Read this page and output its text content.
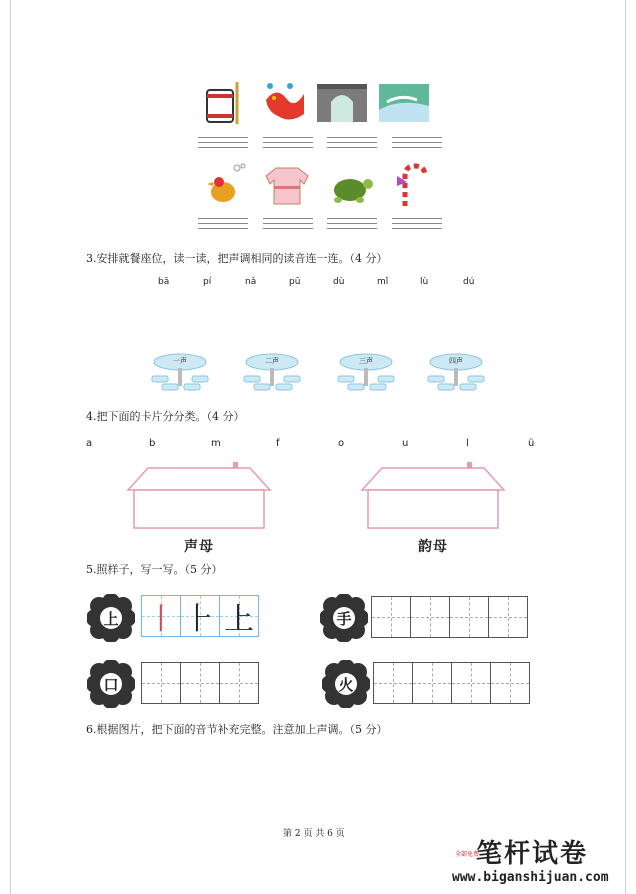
3.安排就餐座位，读一读，把声调相同的读音连一连。（4 分）
bā	pí	nǎ	pū	dù	mǐ	lù	dú
一声	二声	三声	四声
4.把下面的卡片分分类。（4 分）
a	b	m	f	o	u	l	ü
声母	韵母
5.照样子，写一写。（5 分）
上 丨 ⺊ 上	手
口	火
6.根据图片，把下面的音节补充完整。注意加上声调。（5 分）
第 2 页 共 6 页
全部免费
笔杆试卷
www.biganshijuan.com
